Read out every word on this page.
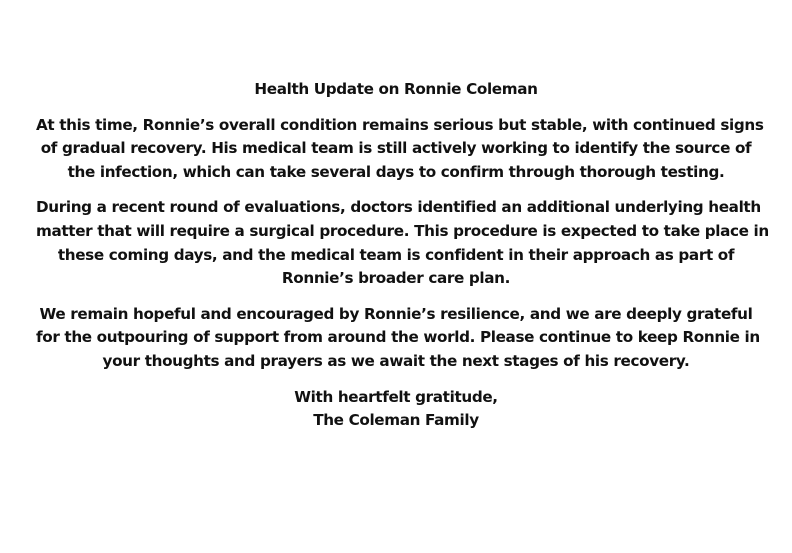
Health Update on Ronnie Coleman

At this time, Ronnie’s overall condition remains serious but stable, with continued signs
of gradual recovery. His medical team is still actively working to identify the source of
the infection, which can take several days to confirm through thorough testing.

During a recent round of evaluations, doctors identified an additional underlying health
matter that will require a surgical procedure. This procedure is expected to take place in
these coming days, and the medical team is confident in their approach as part of
Ronnie’s broader care plan.

We remain hopeful and encouraged by Ronnie’s resilience, and we are deeply grateful
for the outpouring of support from around the world. Please continue to keep Ronnie in
your thoughts and prayers as we await the next stages of his recovery.

With heartfelt gratitude,
The Coleman Family
